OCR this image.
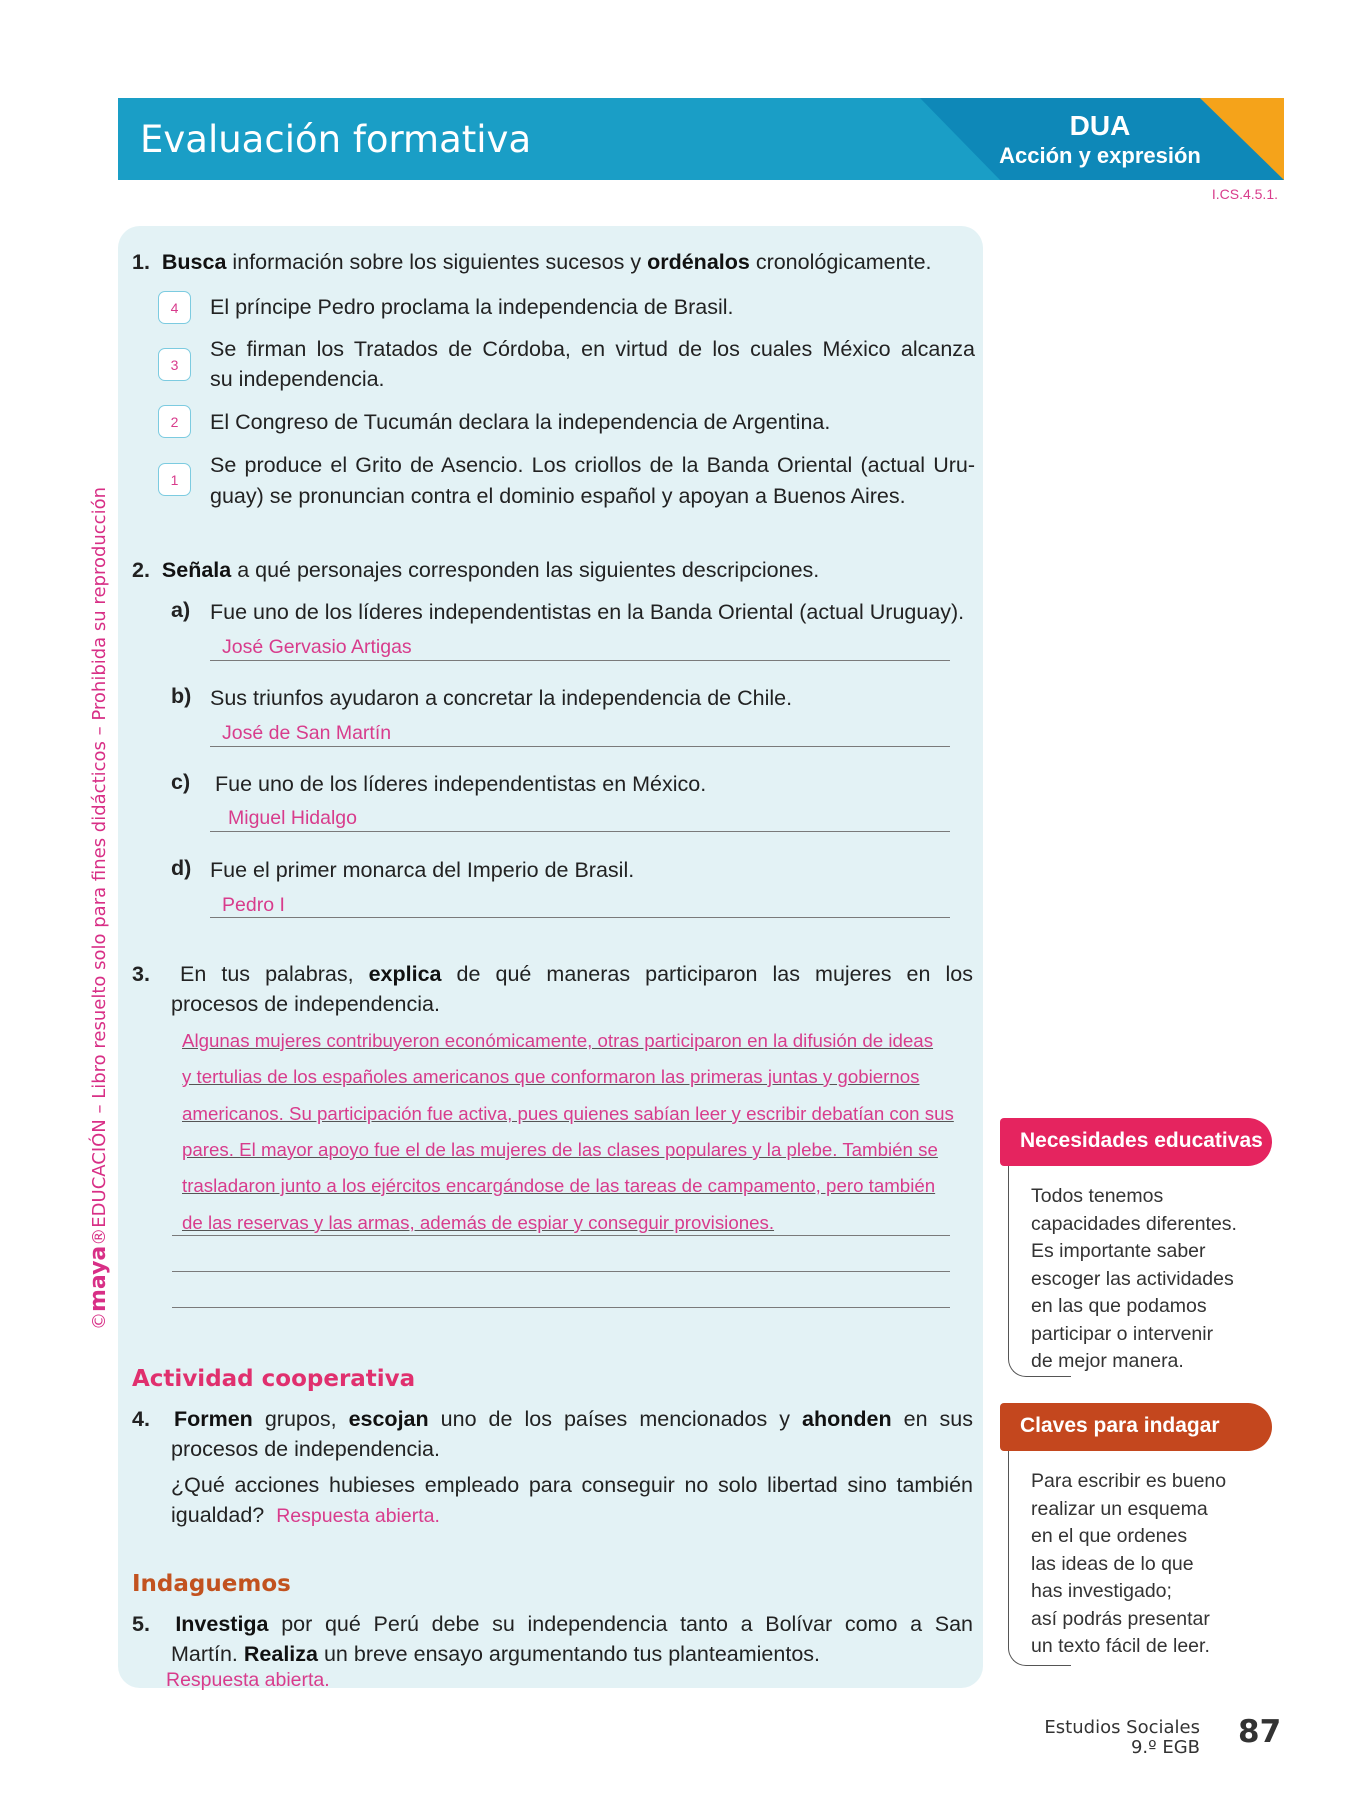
Evaluación formativa	DUA
Acción y expresión
I.CS.4.5.1.
©maya®EDUCACIÓN – Libro resuelto solo para fines didácticos – Prohibida su reproducción
1. Busca información sobre los siguientes sucesos y ordénalos cronológicamente.
4	El príncipe Pedro proclama la independencia de Brasil.
3
Se firman los Tratados de Córdoba, en virtud de los cuales México alcanza
su independencia.
2	El Congreso de Tucumán declara la independencia de Argentina.
1
Se produce el Grito de Asencio. Los criollos de la Banda Oriental (actual Uru-
guay) se pronuncian contra el dominio español y apoyan a Buenos Aires.
2. Señala a qué personajes corresponden las siguientes descripciones.
a) Fue uno de los líderes independentistas en la Banda Oriental (actual Uruguay).
José Gervasio Artigas
b) Sus triunfos ayudaron a concretar la independencia de Chile.
José de San Martín
c) Fue uno de los líderes independentistas en México.
Miguel Hidalgo
d) Fue el primer monarca del Imperio de Brasil.
Pedro I
3. En tus palabras, explica de qué maneras participaron las mujeres en los
procesos de independencia.
Algunas mujeres contribuyeron económicamente, otras participaron en la difusión de ideas
y tertulias de los españoles americanos que conformaron las primeras juntas y gobiernos
americanos. Su participación fue activa, pues quienes sabían leer y escribir debatían con sus
pares. El mayor apoyo fue el de las mujeres de las clases populares y la plebe. También se
trasladaron junto a los ejércitos encargándose de las tareas de campamento, pero también
de las reservas y las armas, además de espiar y conseguir provisiones.
Actividad cooperativa
4. Formen grupos, escojan uno de los países mencionados y ahonden en sus
procesos de independencia.
¿Qué acciones hubieses empleado para conseguir no solo libertad sino también
igualdad? Respuesta abierta.
Indaguemos
5. Investiga por qué Perú debe su independencia tanto a Bolívar como a San
Martín. Realiza un breve ensayo argumentando tus planteamientos.
Respuesta abierta.
Necesidades educativas
Todos tenemos
capacidades diferentes.
Es importante saber
escoger las actividades
en las que podamos
participar o intervenir
de mejor manera.
Claves para indagar
Para escribir es bueno
realizar un esquema
en el que ordenes
las ideas de lo que
has investigado;
así podrás presentar
un texto fácil de leer.
Estudios Sociales
9.º EGB 87
